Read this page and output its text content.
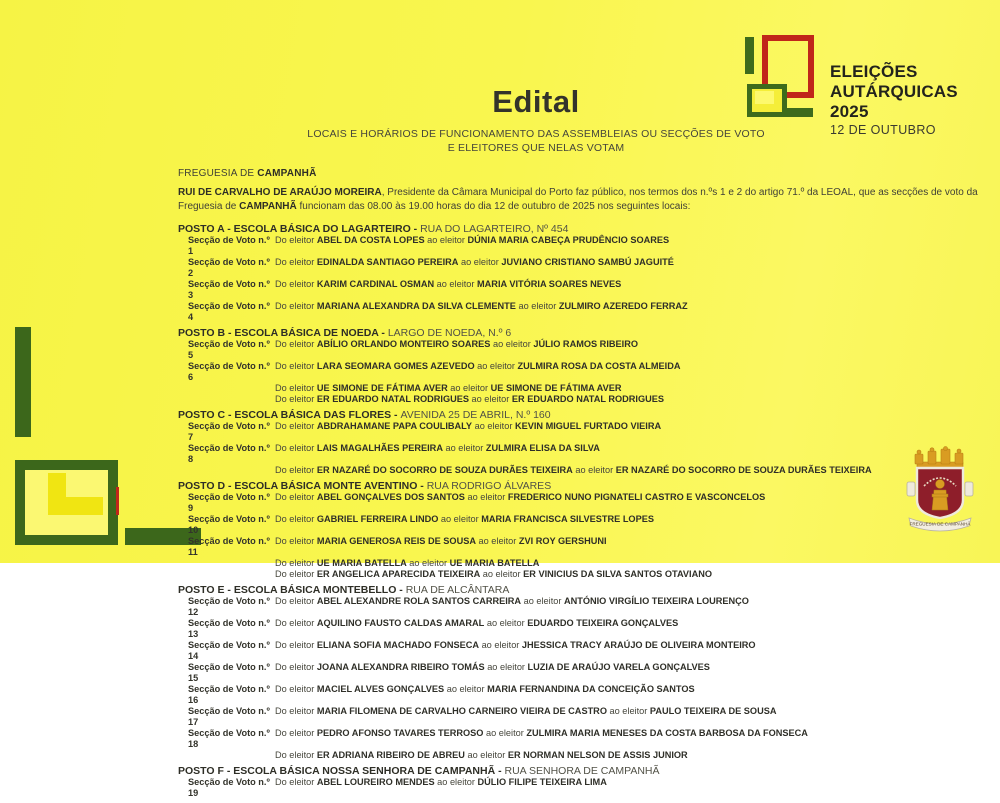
ELEIÇÕES
AUTÁRQUICAS 2025
12 DE OUTUBRO
FREGUESIA DE CAMPANHÃ
Edital
LOCAIS E HORÁRIOS DE FUNCIONAMENTO DAS ASSEMBLEIAS OU SECÇÕES DE VOTO
E ELEITORES QUE NELAS VOTAM
FREGUESIA DE CAMPANHÃ

RUI DE CARVALHO DE ARAÚJO MOREIRA, Presidente da Câmara Municipal do Porto faz público, nos termos dos n.ºs 1 e 2 do artigo 71.º da LEOAL, que as secções de voto da
Freguesia de CAMPANHÃ funcionam das 08.00 às 19.00 horas do dia 12 de outubro de 2025 nos seguintes locais:

POSTO A - ESCOLA BÁSICA DO LAGARTEIRO - RUA DO LAGARTEIRO, Nº 454
Secção de Voto n.º 1
Do eleitor ABEL DA COSTA LOPES ao eleitor DÚNIA MARIA CABEÇA PRUDÊNCIO SOARES
Secção de Voto n.º 2
Do eleitor EDINALDA SANTIAGO PEREIRA ao eleitor JUVIANO CRISTIANO SAMBÚ JAGUITÉ
Secção de Voto n.º 3
Do eleitor KARIM CARDINAL OSMAN ao eleitor MARIA VITÓRIA SOARES NEVES
Secção de Voto n.º 4
Do eleitor MARIANA ALEXANDRA DA SILVA CLEMENTE ao eleitor ZULMIRO AZEREDO FERRAZ
POSTO B - ESCOLA BÁSICA DE NOEDA - LARGO DE NOEDA, N.º 6
Secção de Voto n.º 5
Do eleitor ABÍLIO ORLANDO MONTEIRO SOARES ao eleitor JÚLIO RAMOS RIBEIRO
Secção de Voto n.º 6
Do eleitor LARA SEOMARA GOMES AZEVEDO ao eleitor ZULMIRA ROSA DA COSTA ALMEIDA
Do eleitor UE SIMONE DE FÁTIMA AVER ao eleitor UE SIMONE DE FÁTIMA AVER
Do eleitor ER EDUARDO NATAL RODRIGUES ao eleitor ER EDUARDO NATAL RODRIGUES
POSTO C - ESCOLA BÁSICA DAS FLORES - AVENIDA 25 DE ABRIL, N.º 160
Secção de Voto n.º 7
Do eleitor ABDRAHAMANE PAPA COULIBALY ao eleitor KEVIN MIGUEL FURTADO VIEIRA
Secção de Voto n.º 8
Do eleitor LAIS MAGALHÃES PEREIRA ao eleitor ZULMIRA ELISA DA SILVA
Do eleitor ER NAZARÉ DO SOCORRO DE SOUZA DURÃES TEIXEIRA ao eleitor ER NAZARÉ DO SOCORRO DE SOUZA DURÃES TEIXEIRA
POSTO D - ESCOLA BÁSICA MONTE AVENTINO - RUA RODRIGO ÁLVARES
Secção de Voto n.º 9
Do eleitor ABEL GONÇALVES DOS SANTOS ao eleitor FREDERICO NUNO PIGNATELI CASTRO E VASCONCELOS
Secção de Voto n.º 10
Do eleitor GABRIEL FERREIRA LINDO ao eleitor MARIA FRANCISCA SILVESTRE LOPES
Secção de Voto n.º 11
Do eleitor MARIA GENEROSA REIS DE SOUSA ao eleitor ZVI ROY GERSHUNI
Do eleitor UE MARIA BATELLA ao eleitor UE MARIA BATELLA
Do eleitor ER ANGELICA APARECIDA TEIXEIRA ao eleitor ER VINICIUS DA SILVA SANTOS OTAVIANO
POSTO E - ESCOLA BÁSICA MONTEBELLO - RUA DE ALCÂNTARA
Secção de Voto n.º 12
Do eleitor ABEL ALEXANDRE ROLA SANTOS CARREIRA ao eleitor ANTÓNIO VIRGÍLIO TEIXEIRA LOURENÇO
Secção de Voto n.º 13
Do eleitor AQUILINO FAUSTO CALDAS AMARAL ao eleitor EDUARDO TEIXEIRA GONÇALVES
Secção de Voto n.º 14
Do eleitor ELIANA SOFIA MACHADO FONSECA ao eleitor JHESSICA TRACY ARAÚJO DE OLIVEIRA MONTEIRO
Secção de Voto n.º 15
Do eleitor JOANA ALEXANDRA RIBEIRO TOMÁS ao eleitor LUZIA DE ARAÚJO VARELA GONÇALVES
Secção de Voto n.º 16
Do eleitor MACIEL ALVES GONÇALVES ao eleitor MARIA FERNANDINA DA CONCEIÇÃO SANTOS
Secção de Voto n.º 17
Do eleitor MARIA FILOMENA DE CARVALHO CARNEIRO VIEIRA DE CASTRO ao eleitor PAULO TEIXEIRA DE SOUSA
Secção de Voto n.º 18
Do eleitor PEDRO AFONSO TAVARES TERROSO ao eleitor ZULMIRA MARIA MENESES DA COSTA BARBOSA DA FONSECA
Do eleitor ER ADRIANA RIBEIRO DE ABREU ao eleitor ER NORMAN NELSON DE ASSIS JUNIOR
POSTO F - ESCOLA BÁSICA NOSSA SENHORA DE CAMPANHÃ - RUA SENHORA DE CAMPANHÃ
Secção de Voto n.º 19
Do eleitor ABEL LOUREIRO MENDES ao eleitor DÚLIO FILIPE TEIXEIRA LIMA
